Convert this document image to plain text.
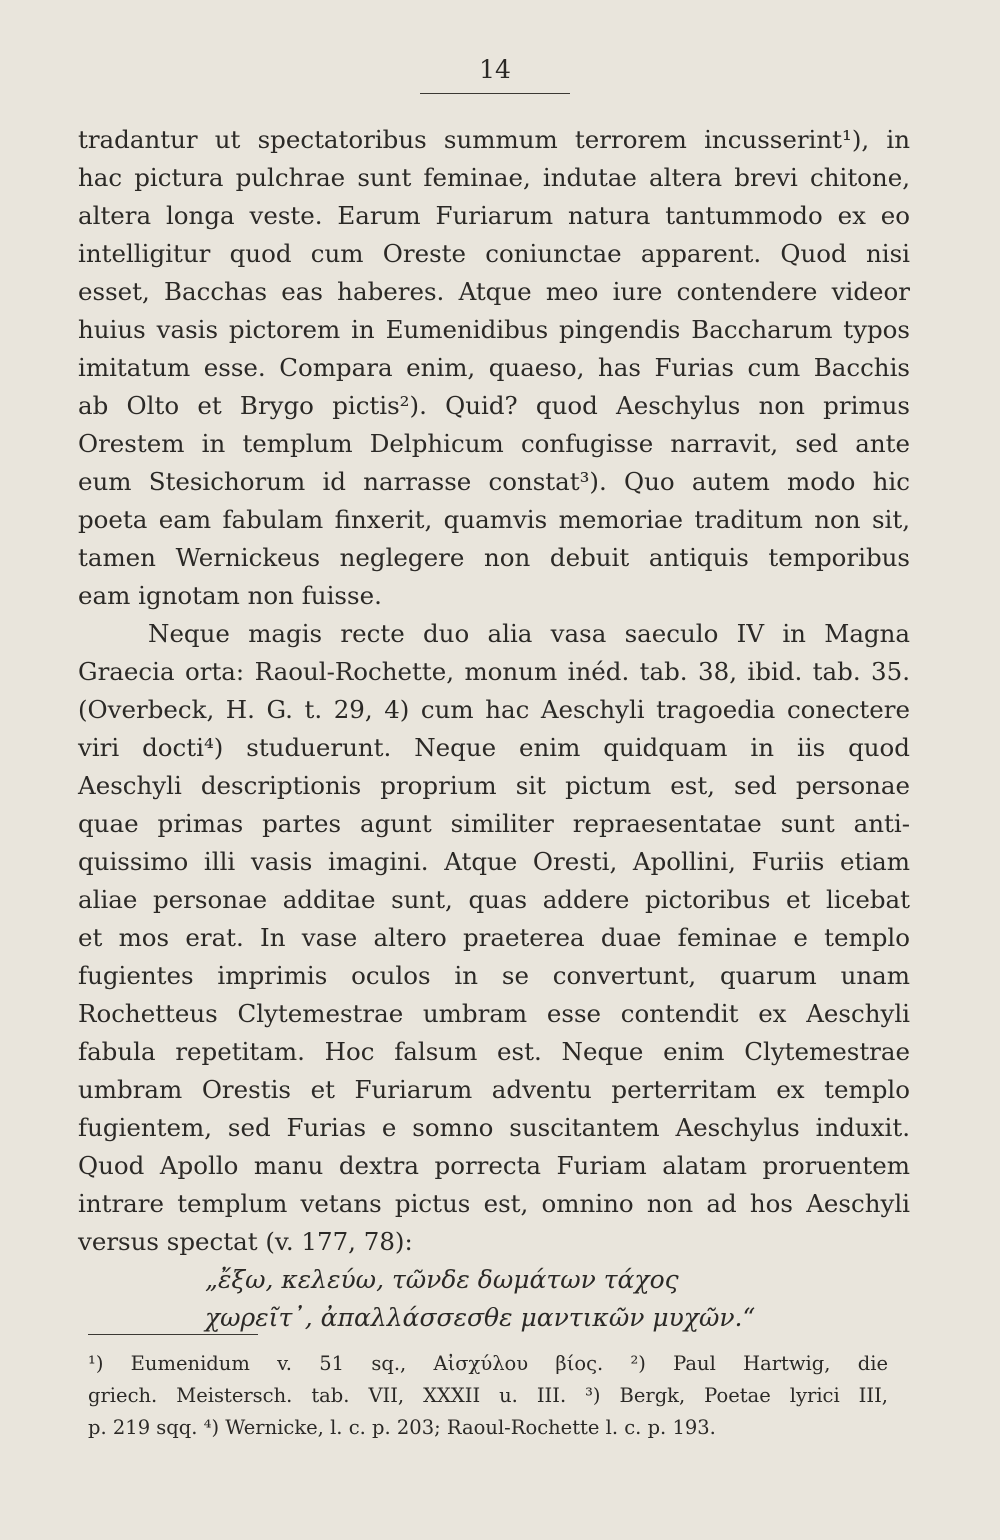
14
tradantur ut spectatoribus summum terrorem incusserint¹), in
hac pictura pulchrae sunt feminae, indutae altera brevi chitone,
altera longa veste. Earum Furiarum natura tantummodo ex eo
intelligitur quod cum Oreste coniunctae apparent. Quod nisi
esset, Bacchas eas haberes. Atque meo iure contendere videor
huius vasis pictorem in Eumenidibus pingendis Baccharum typos
imitatum esse. Compara enim, quaeso, has Furias cum Bacchis
ab Olto et Brygo pictis²). Quid? quod Aeschylus non primus
Orestem in templum Delphicum confugisse narravit, sed ante
eum Stesichorum id narrasse constat³). Quo autem modo hic
poeta eam fabulam finxerit, quamvis memoriae traditum non sit,
tamen Wernickeus neglegere non debuit antiquis temporibus
eam ignotam non fuisse.
Neque magis recte duo alia vasa saeculo IV in Magna
Graecia orta: Raoul-Rochette, monum inéd. tab. 38, ibid. tab. 35.
(Overbeck, H. G. t. 29, 4) cum hac Aeschyli tragoedia conectere
viri docti⁴) studuerunt. Neque enim quidquam in iis quod
Aeschyli descriptionis proprium sit pictum est, sed personae
quae primas partes agunt similiter repraesentatae sunt anti-
quissimo illi vasis imagini. Atque Oresti, Apollini, Furiis etiam
aliae personae additae sunt, quas addere pictoribus et licebat
et mos erat. In vase altero praeterea duae feminae e templo
fugientes imprimis oculos in se convertunt, quarum unam
Rochetteus Clytemestrae umbram esse contendit ex Aeschyli
fabula repetitam. Hoc falsum est. Neque enim Clytemestrae
umbram Orestis et Furiarum adventu perterritam ex templo
fugientem, sed Furias e somno suscitantem Aeschylus induxit.
Quod Apollo manu dextra porrecta Furiam alatam proruentem
intrare templum vetans pictus est, omnino non ad hos Aeschyli
versus spectat (v. 177, 78):
„ἔξω, κελεύω, τῶνδε δωμάτων τάχος
χωρεῖτ᾽, ἀπαλλάσσεσθε μαντικῶν μυχῶν.“
¹) Eumenidum v. 51 sq., Αἰσχύλου βίος. ²) Paul Hartwig, die
griech. Meistersch. tab. VII, XXXII u. III. ³) Bergk, Poetae lyrici III,
p. 219 sqq. ⁴) Wernicke, l. c. p. 203; Raoul-Rochette l. c. p. 193.
